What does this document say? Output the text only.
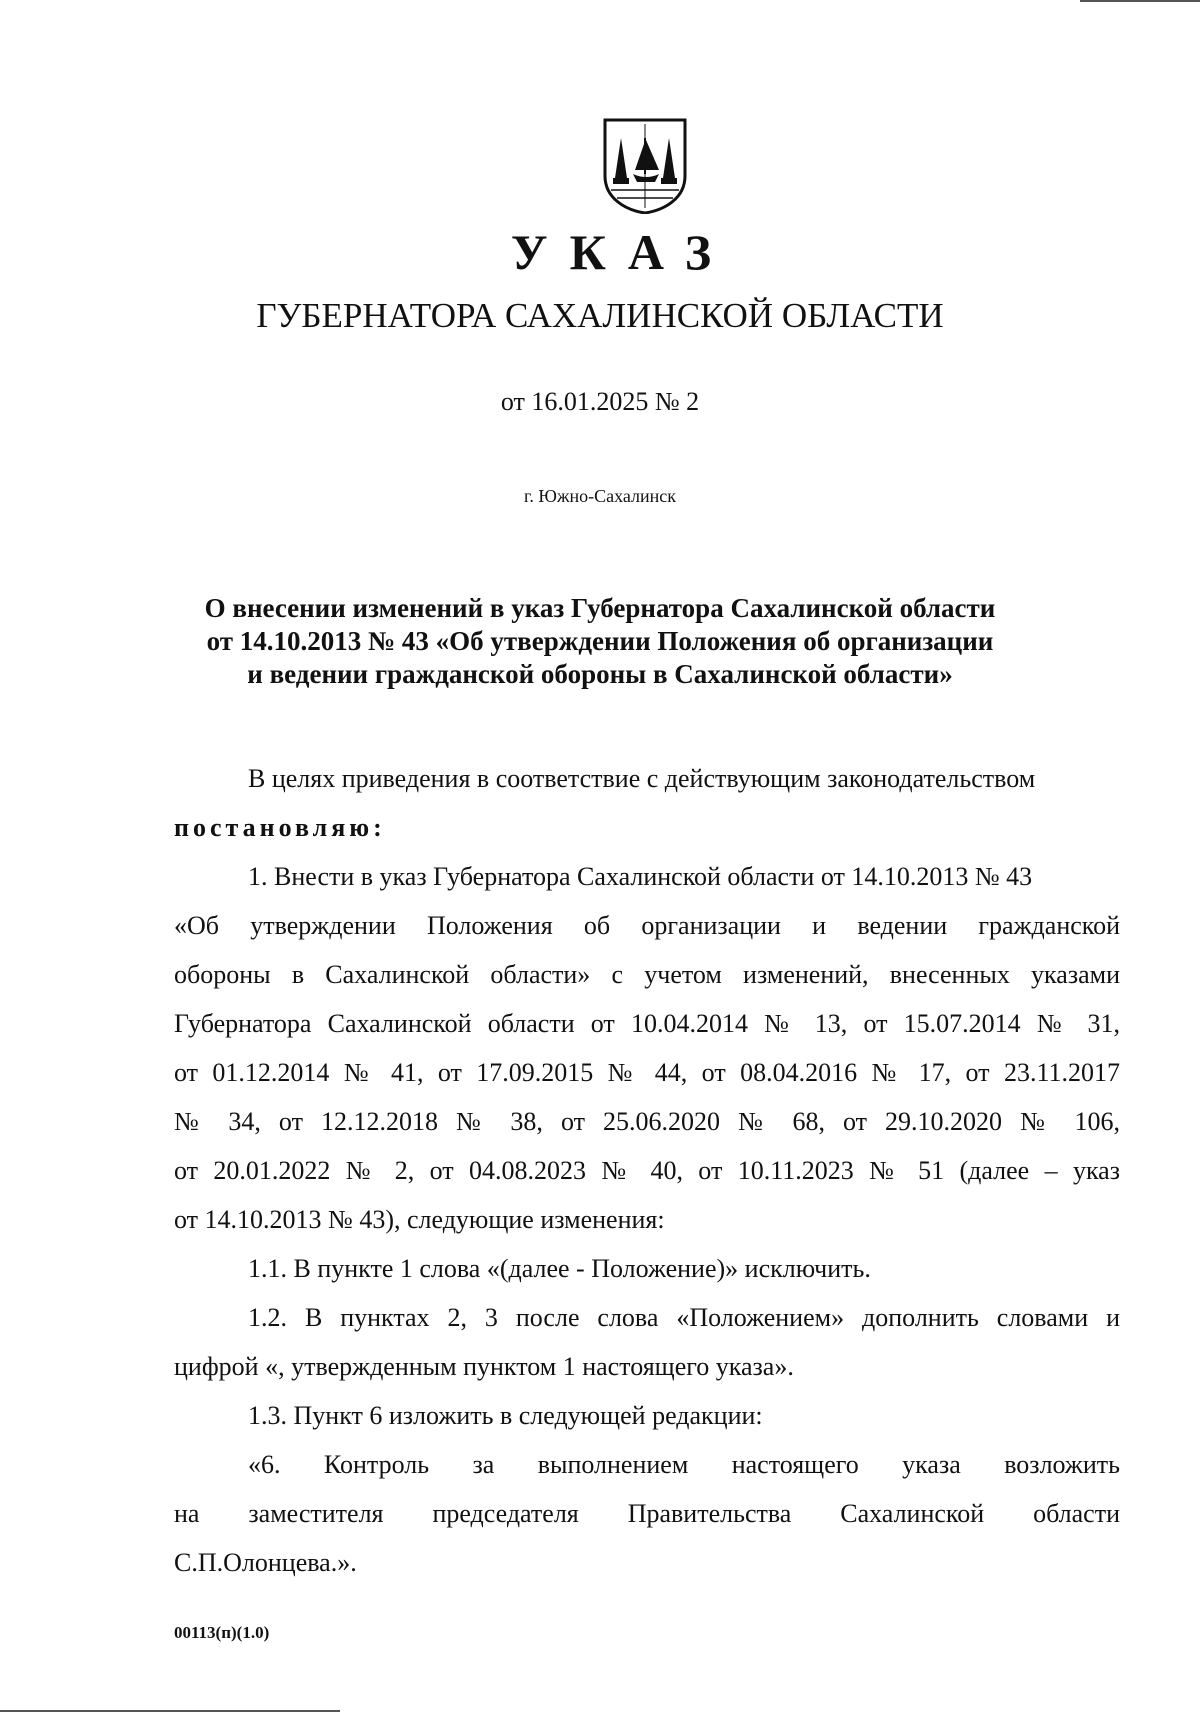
УКАЗ
ГУБЕРНАТОРА САХАЛИНСКОЙ ОБЛАСТИ
от 16.01.2025 № 2
г. Южно-Сахалинск
О внесении изменений в указ Губернатора Сахалинской области
от 14.10.2013 № 43 «Об утверждении Положения об организации
и ведении гражданской обороны в Сахалинской области»
В целях приведения в соответствие с действующим законодательством
постановляю:
1. Внести в указ Губернатора Сахалинской области от 14.10.2013 № 43
«Об утверждении Положения об организации и ведении гражданской
обороны в Сахалинской области» с учетом изменений, внесенных указами
Губернатора Сахалинской области от 10.04.2014 № 13, от 15.07.2014 № 31,
от 01.12.2014 № 41, от 17.09.2015 № 44, от 08.04.2016 № 17, от 23.11.2017
№ 34, от 12.12.2018 № 38, от 25.06.2020 № 68, от 29.10.2020 № 106,
от 20.01.2022 № 2, от 04.08.2023 № 40, от 10.11.2023 № 51 (далее – указ
от 14.10.2013 № 43), следующие изменения:
1.1. В пункте 1 слова «(далее - Положение)» исключить.
1.2. В пунктах 2, 3 после слова «Положением» дополнить словами и
цифрой «, утвержденным пунктом 1 настоящего указа».
1.3. Пункт 6 изложить в следующей редакции:
«6. Контроль за выполнением настоящего указа возложить
на заместителя председателя Правительства Сахалинской области
С.П.Олонцева.».
00113(п)(1.0)
